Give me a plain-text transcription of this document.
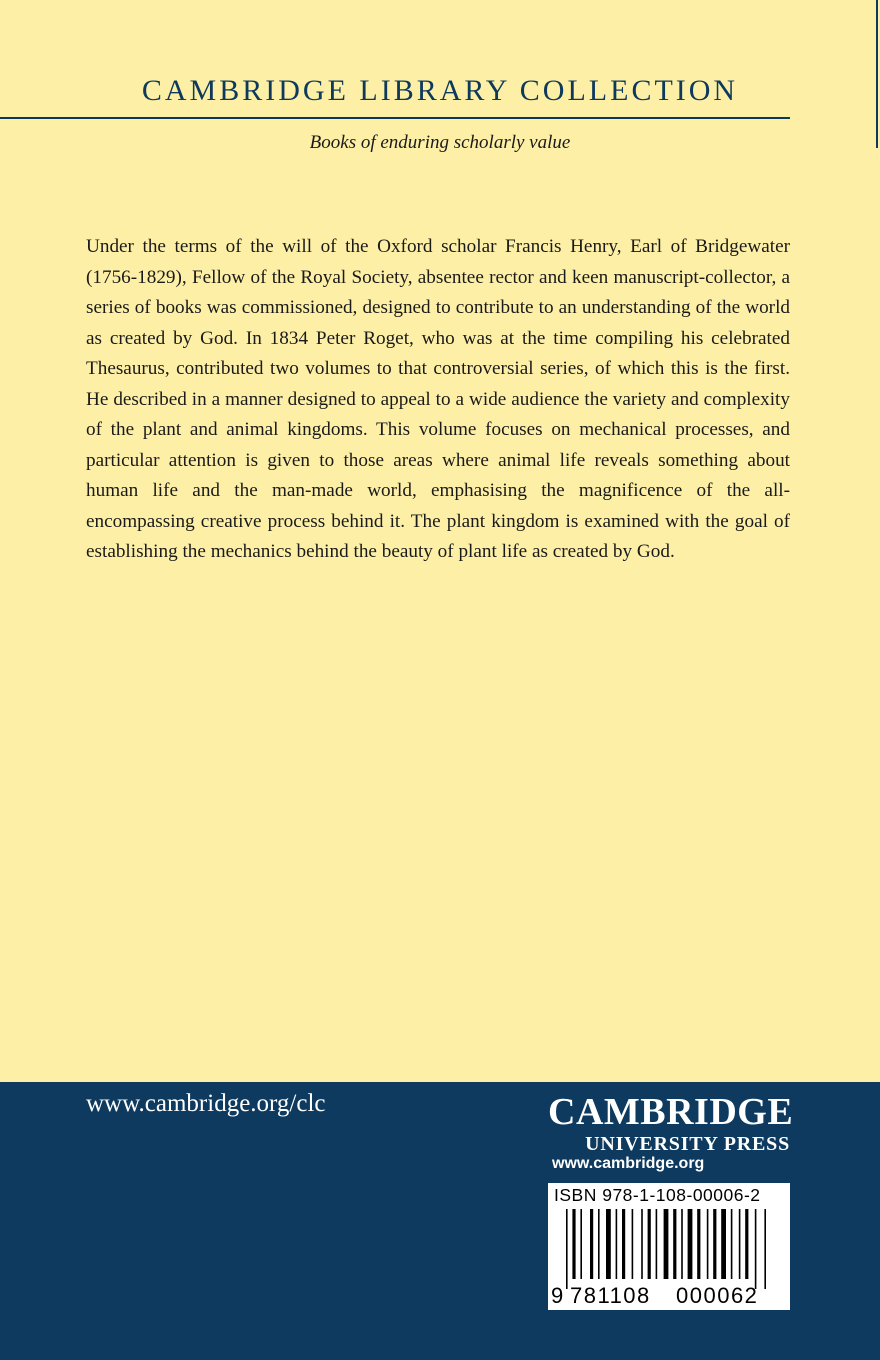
CAMBRIDGE LIBRARY COLLECTION

Books of enduring scholarly value

Under the terms of the will of the Oxford scholar Francis Henry, Earl of Bridgewater (1756-1829), Fellow of the Royal Society, absentee rector and keen manuscript-collector, a series of books was commissioned, designed to contribute to an understanding of the world as created by God. In 1834 Peter Roget, who was at the time compiling his celebrated Thesaurus, contributed two volumes to that controversial series, of which this is the first. He described in a manner designed to appeal to a wide audience the variety and complexity of the plant and animal kingdoms. This volume focuses on mechanical processes, and particular attention is given to those areas where animal life reveals something about human life and the man-made world, emphasising the magnificence of the all-encompassing creative process behind it. The plant kingdom is examined with the goal of establishing the mechanics behind the beauty of plant life as created by God.

www.cambridge.org/clc	CAMBRIDGE
UNIVERSITY PRESS
www.cambridge.org
ISBN 978-1-108-00006-2
9 781108 000062
